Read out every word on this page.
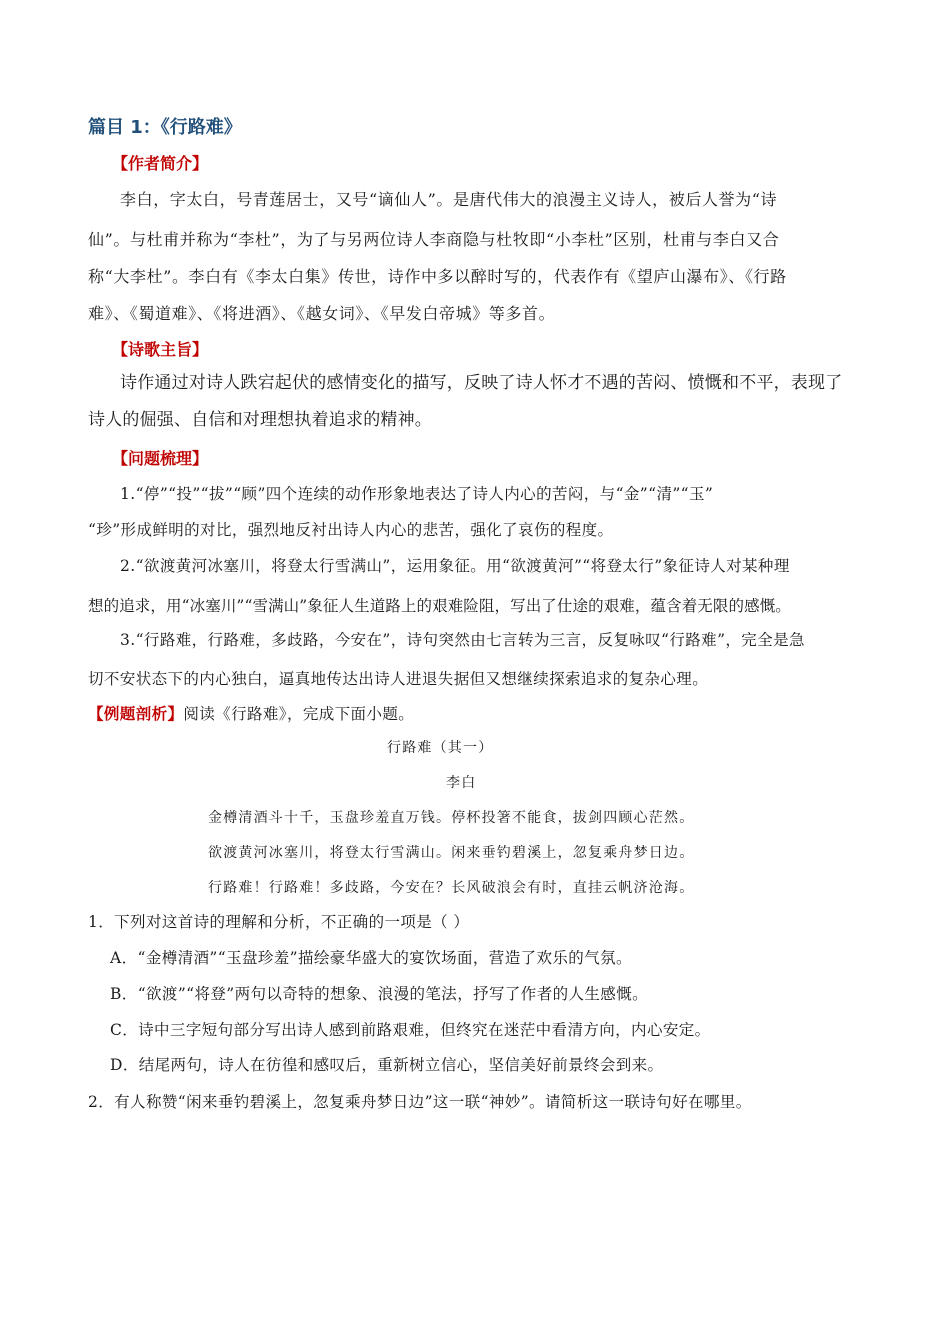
篇目 1：《行路难》
【作者简介】
李白，字太白，号青莲居士，又号“谪仙人”。是唐代伟大的浪漫主义诗人，被后人誉为“诗
仙”。与杜甫并称为“李杜”，为了与另两位诗人李商隐与杜牧即“小李杜”区别，杜甫与李白又合
称“大李杜”。李白有《李太白集》传世，诗作中多以醉时写的，代表作有《望庐山瀑布》、《行路
难》、《蜀道难》、《将进酒》、《越女词》、《早发白帝城》等多首。
【诗歌主旨】
诗作通过对诗人跌宕起伏的感情变化的描写，反映了诗人怀才不遇的苦闷、愤慨和不平，表现了
诗人的倔强、自信和对理想执着追求的精神。
【问题梳理】
1.“停”“投”“拔”“顾”四个连续的动作形象地表达了诗人内心的苦闷，与“金”“清”“玉”
“珍”形成鲜明的对比，强烈地反衬出诗人内心的悲苦，强化了哀伤的程度。
2.“欲渡黄河冰塞川，将登太行雪满山”，运用象征。用“欲渡黄河”“将登太行”象征诗人对某种理
想的追求，用“冰塞川”“雪满山”象征人生道路上的艰难险阻，写出了仕途的艰难，蕴含着无限的感慨。
3.“行路难，行路难，多歧路，今安在”，诗句突然由七言转为三言，反复咏叹“行路难”，完全是急
切不安状态下的内心独白，逼真地传达出诗人进退失据但又想继续探索追求的复杂心理。
【例题剖析】阅读《行路难》，完成下面小题。
行路难（其一）
李白
金樽清酒斗十千，玉盘珍羞直万钱。停杯投箸不能食，拔剑四顾心茫然。
欲渡黄河冰塞川，将登太行雪满山。闲来垂钓碧溪上，忽复乘舟梦日边。
行路难！行路难！多歧路，今安在？长风破浪会有时，直挂云帆济沧海。
1．下列对这首诗的理解和分析，不正确的一项是（ ）
A．“金樽清酒”“玉盘珍羞”描绘豪华盛大的宴饮场面，营造了欢乐的气氛。
B．“欲渡”“将登”两句以奇特的想象、浪漫的笔法，抒写了作者的人生感慨。
C．诗中三字短句部分写出诗人感到前路艰难，但终究在迷茫中看清方向，内心安定。
D．结尾两句，诗人在彷徨和感叹后，重新树立信心，坚信美好前景终会到来。
2．有人称赞“闲来垂钓碧溪上，忽复乘舟梦日边”这一联“神妙”。请简析这一联诗句好在哪里。
